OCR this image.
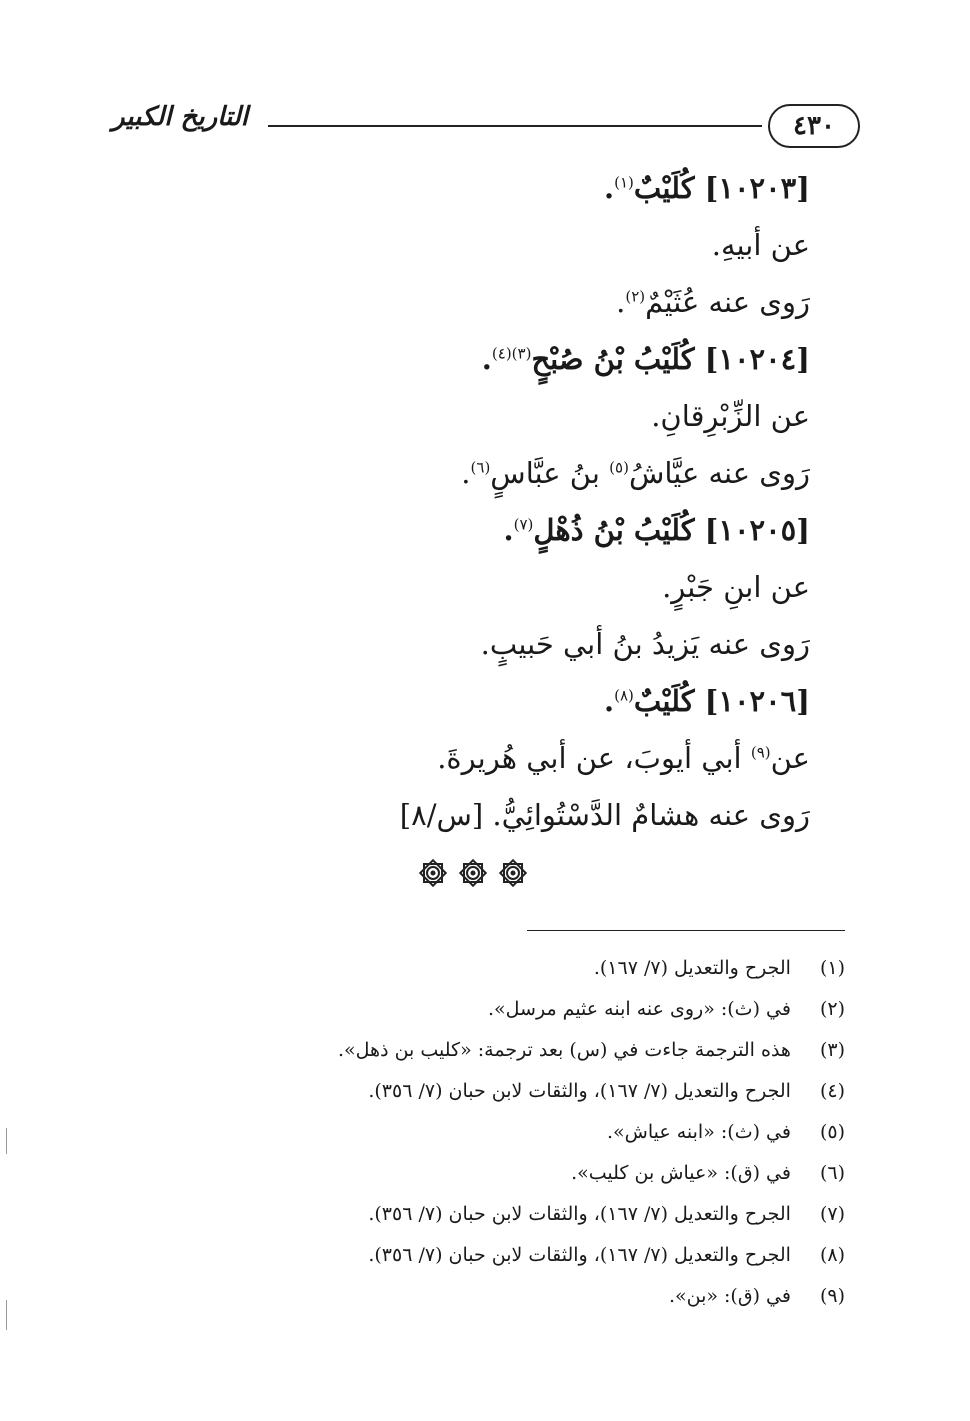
٤٣٠
التاريخ الكبير
[١٠٢٠٣] كُلَيْبٌ$^{(١)}$.
عن أبيهِ.
رَوى عنه عُثَيْمٌ$^{(٢)}$.
[١٠٢٠٤] كُلَيْبُ بْنُ صُبْحٍ$^{(٣)(٤)}$.
عن الزِّبْرِقانِ.
رَوى عنه عيَّاشُ$^{(٥)}$ بنُ عبَّاسٍ$^{(٦)}$.
[١٠٢٠٥] كُلَيْبُ بْنُ ذُهْلٍ$^{(٧)}$.
عن ابنِ جَبْرٍ.
رَوى عنه يَزيدُ بنُ أبي حَبيبٍ.
[١٠٢٠٦] كُلَيْبٌ$^{(٨)}$.
عن$^{(٩)}$ أبي أيوبَ، عن أبي هُريرةَ.
رَوى عنه هشامٌ الدَّسْتُوائِيُّ. [س/٨]
(١) الجرح والتعديل (٧/ ١٦٧).
(٢) في (ث): «روى عنه ابنه عثيم مرسل».
(٣) هذه الترجمة جاءت في (س) بعد ترجمة: «كليب بن ذهل».
(٤) الجرح والتعديل (٧/ ١٦٧)، والثقات لابن حبان (٧/ ٣٥٦).
(٥) في (ث): «ابنه عياش».
(٦) في (ق): «عياش بن كليب».
(٧) الجرح والتعديل (٧/ ١٦٧)، والثقات لابن حبان (٧/ ٣٥٦).
(٨) الجرح والتعديل (٧/ ١٦٧)، والثقات لابن حبان (٧/ ٣٥٦).
(٩) في (ق): «بن».
